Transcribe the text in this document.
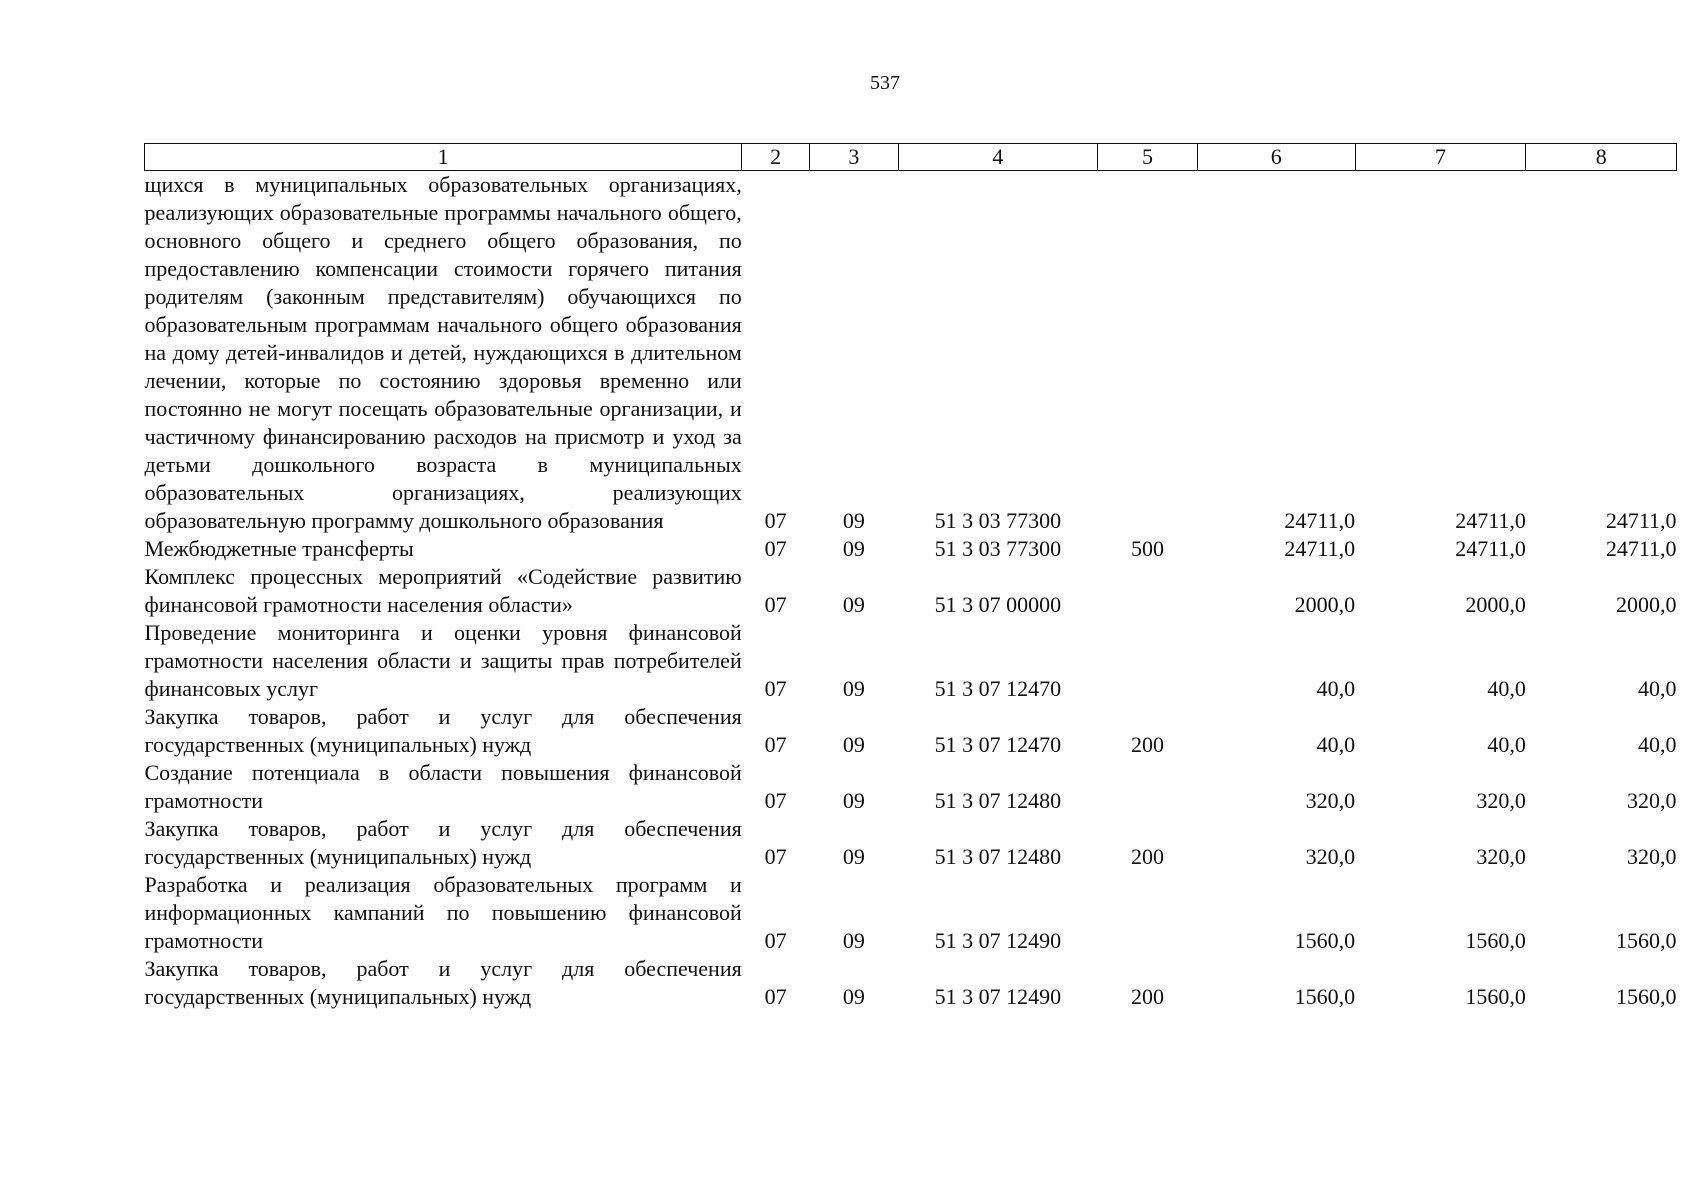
537
1	2	3	4	5	6	7	8
щихся в муниципальных образовательных организациях, реализующих образовательные программы начального общего, основного общего и среднего общего образования, по предоставлению компенсации стоимости горячего питания родителям (законным представителям) обучающихся по образовательным программам начального общего образования на дому детей-инвалидов и детей, нуждающихся в длительном лечении, которые по состоянию здоровья временно или постоянно не могут посещать образовательные организации, и частичному финансированию расходов на присмотр и уход за детьми дошкольного возраста в муниципальных образовательных организациях, реализующих образовательную программу дошкольного образования	07	09	51 3 03 77300		24711,0	24711,0	24711,0
Межбюджетные трансферты	07	09	51 3 03 77300	500	24711,0	24711,0	24711,0
Комплекс процессных мероприятий «Содействие развитию финансовой грамотности населения области»	07	09	51 3 07 00000		2000,0	2000,0	2000,0
Проведение мониторинга и оценки уровня финансовой грамотности населения области и защиты прав потребителей финансовых услуг	07	09	51 3 07 12470		40,0	40,0	40,0
Закупка товаров, работ и услуг для обеспечения государственных (муниципальных) нужд	07	09	51 3 07 12470	200	40,0	40,0	40,0
Создание потенциала в области повышения финансовой грамотности	07	09	51 3 07 12480		320,0	320,0	320,0
Закупка товаров, работ и услуг для обеспечения государственных (муниципальных) нужд	07	09	51 3 07 12480	200	320,0	320,0	320,0
Разработка и реализация образовательных программ и информационных кампаний по повышению финансовой грамотности	07	09	51 3 07 12490		1560,0	1560,0	1560,0
Закупка товаров, работ и услуг для обеспечения государственных (муниципальных) нужд	07	09	51 3 07 12490	200	1560,0	1560,0	1560,0
